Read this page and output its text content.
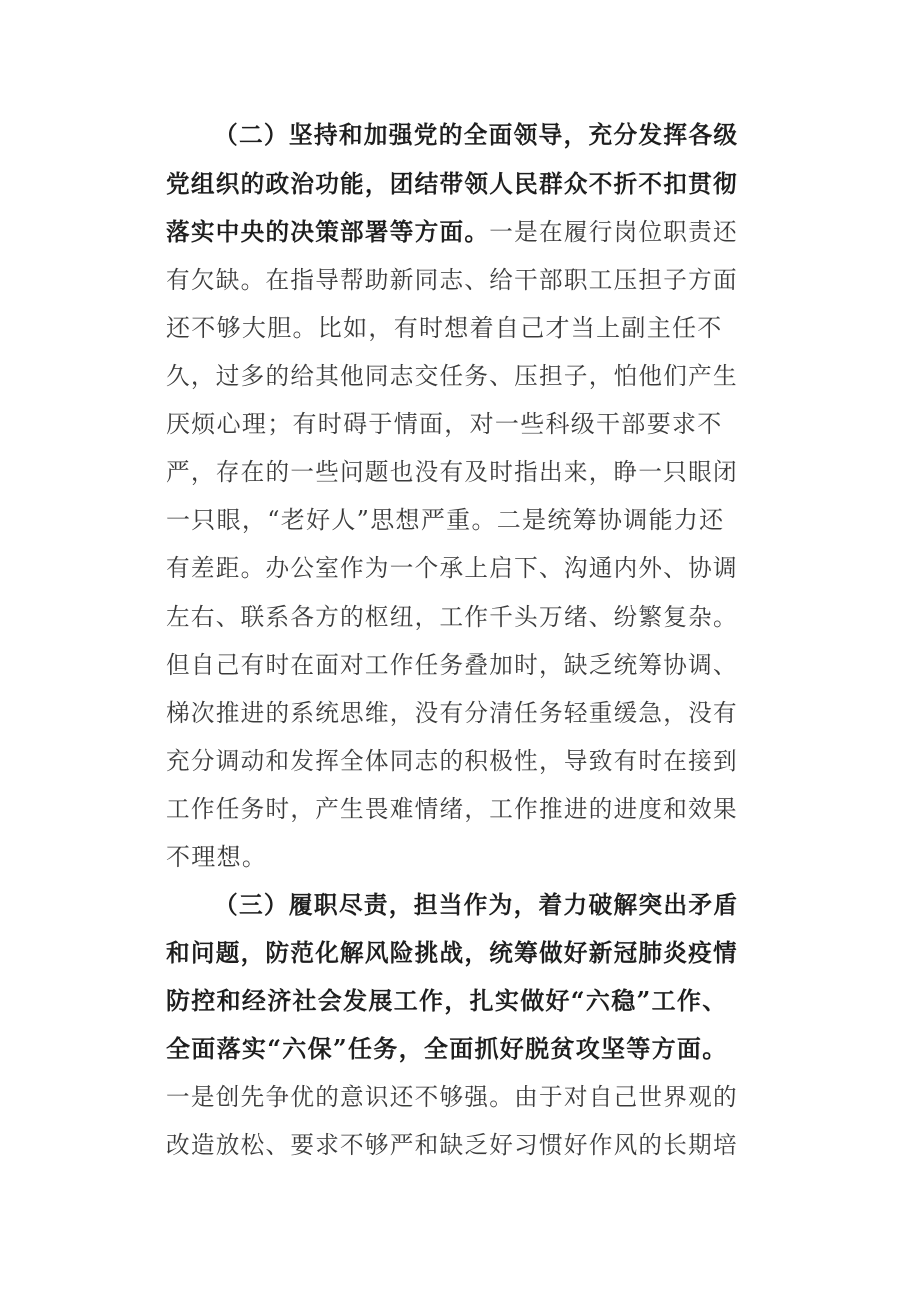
（二）坚持和加强党的全面领导，充分发挥各级
党组织的政治功能，团结带领人民群众不折不扣贯彻
落实中央的决策部署等方面。一是在履行岗位职责还
有欠缺。在指导帮助新同志、给干部职工压担子方面
还不够大胆。比如，有时想着自己才当上副主任不
久，过多的给其他同志交任务、压担子，怕他们产生
厌烦心理；有时碍于情面，对一些科级干部要求不
严，存在的一些问题也没有及时指出来，睁一只眼闭
一只眼，“老好人”思想严重。二是统筹协调能力还
有差距。办公室作为一个承上启下、沟通内外、协调
左右、联系各方的枢纽，工作千头万绪、纷繁复杂。
但自己有时在面对工作任务叠加时，缺乏统筹协调、
梯次推进的系统思维，没有分清任务轻重缓急，没有
充分调动和发挥全体同志的积极性，导致有时在接到
工作任务时，产生畏难情绪，工作推进的进度和效果
不理想。
（三）履职尽责，担当作为，着力破解突出矛盾
和问题，防范化解风险挑战，统筹做好新冠肺炎疫情
防控和经济社会发展工作，扎实做好“六稳”工作、
全面落实“六保”任务，全面抓好脱贫攻坚等方面。
一是创先争优的意识还不够强。由于对自己世界观的
改造放松、要求不够严和缺乏好习惯好作风的长期培
